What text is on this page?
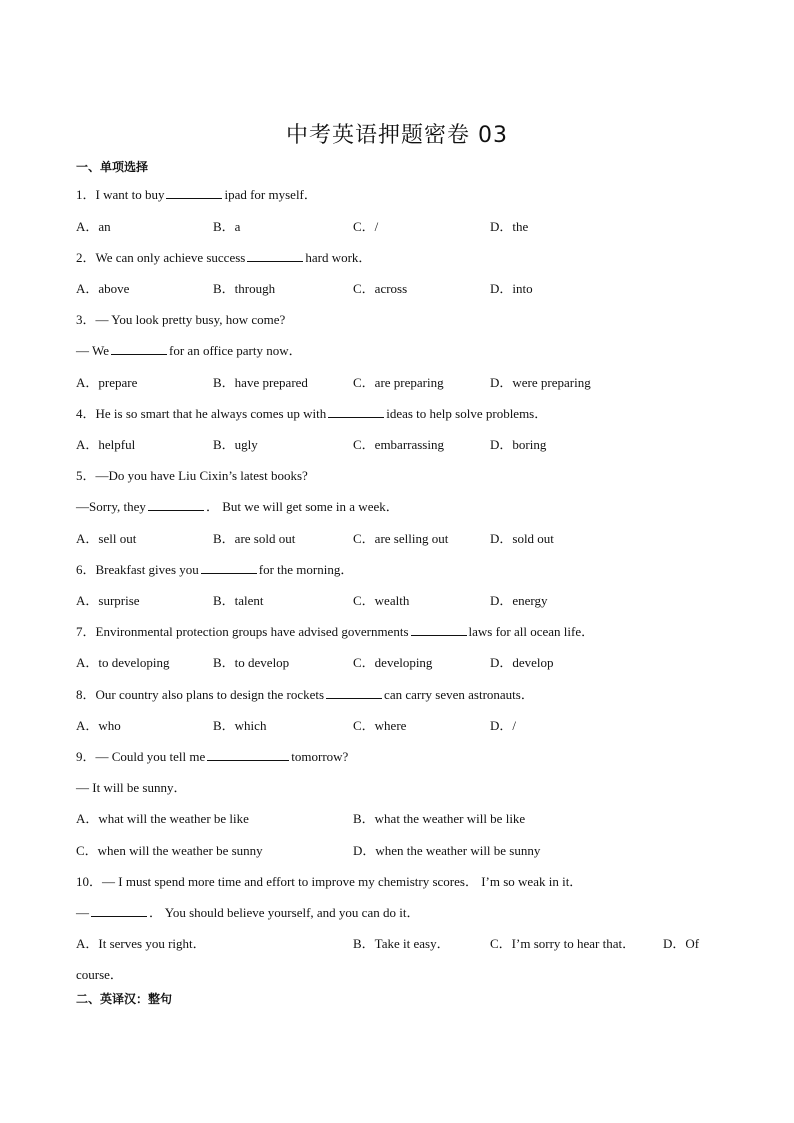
中考英语押题密卷 03
一、单项选择
1．I want to buy	ipad for myself．
A．an	B．a	C．/	D．the
2．We can only achieve success	hard work．
A．above	B．through	C．across	D．into
3．— You look pretty busy, how come?
— We	for an office party now．
A．prepare	B．have prepared	C．are preparing	D．were preparing
4．He is so smart that he always comes up with	ideas to help solve problems．
A．helpful	B．ugly	C．embarrassing	D．boring
5．—Do you have Liu Cixin’s latest books?
—Sorry, they	． But we will get some in a week．
A．sell out	B．are sold out	C．are selling out	D．sold out
6．Breakfast gives you	for the morning．
A．surprise	B．talent	C．wealth	D．energy
7．Environmental protection groups have advised governments	laws for all ocean life．
A．to developing	B．to develop	C．developing	D．develop
8．Our country also plans to design the rockets	can carry seven astronauts．
A．who	B．which	C．where	D．/
9．— Could you tell me	tomorrow?
— It will be sunny．
A．what will the weather be like	B．what the weather will be like
C．when will the weather be sunny	D．when the weather will be sunny
10．— I must spend more time and effort to improve my chemistry scores． I’m so weak in it．
—	． You should believe yourself, and you can do it．
A．It serves you right．	B．Take it easy．	C．I’m sorry to hear that． D．Of
course．
二、英译汉：整句
